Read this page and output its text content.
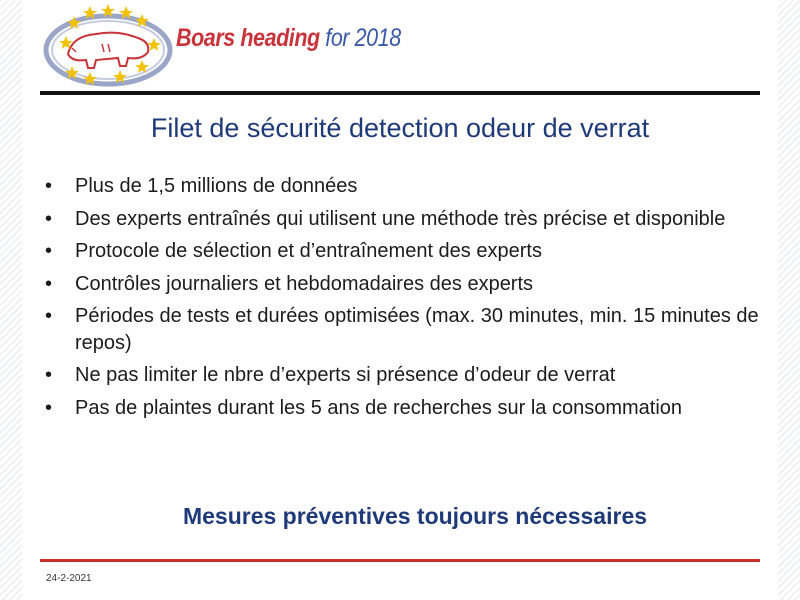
Boars heading for 2018
Filet de sécurité detection odeur de verrat
• Plus de 1,5 millions de données
• Des experts entraînés qui utilisent une méthode très précise et disponible
• Protocole de sélection et d’entraînement des experts
• Contrôles journaliers et hebdomadaires des experts
• Périodes de tests et durées optimisées (max. 30 minutes, min. 15 minutes de repos)
• Ne pas limiter le nbre d’experts si présence d’odeur de verrat
• Pas de plaintes durant les 5 ans de recherches sur la consommation
Mesures préventives toujours nécessaires
24-2-2021
